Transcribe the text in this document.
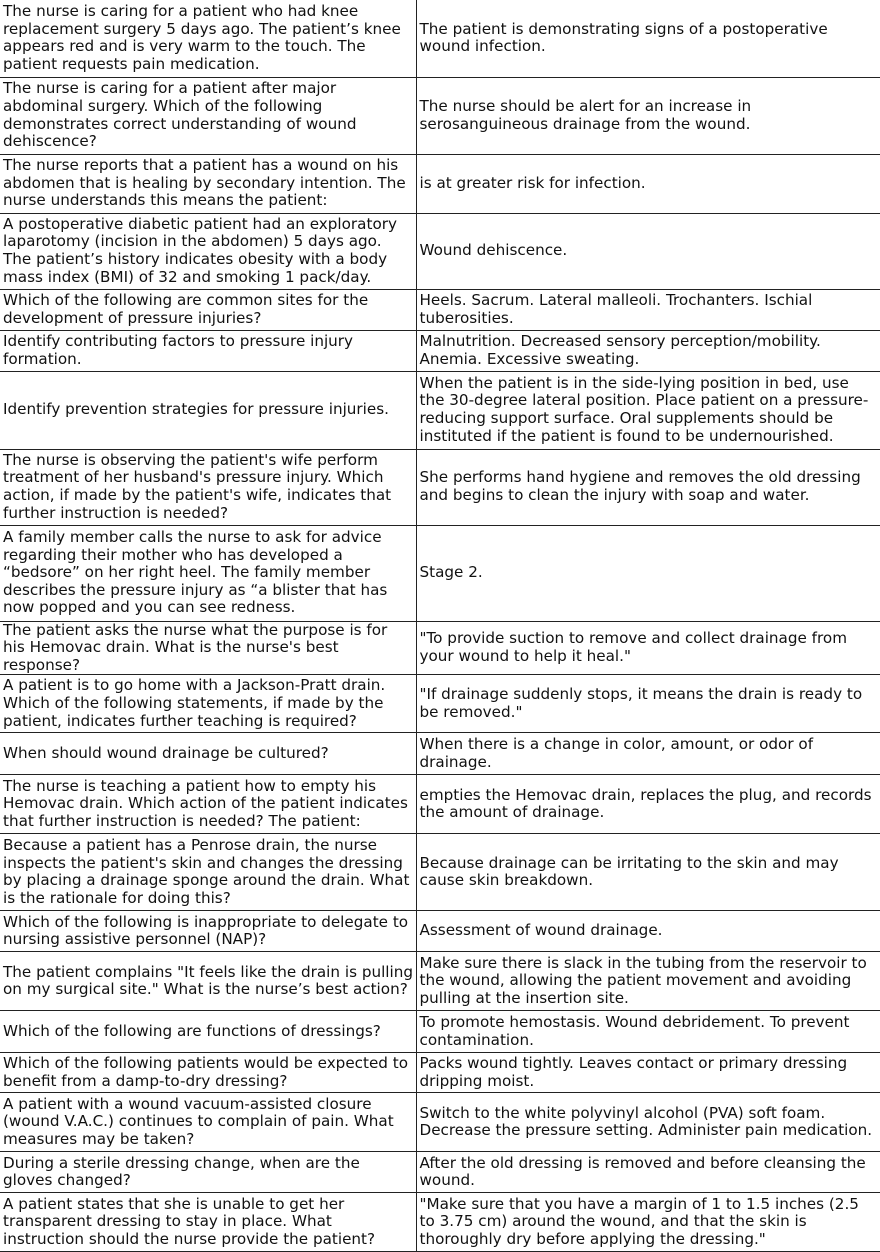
The nurse is caring for a patient who had knee replacement surgery 5 days ago. The patient’s knee appears red and is very warm to the touch. The patient requests pain medication.	The patient is demonstrating signs of a postoperative wound infection.
The nurse is caring for a patient after major abdominal surgery. Which of the following demonstrates correct understanding of wound dehiscence?	The nurse should be alert for an increase in serosanguineous drainage from the wound.
The nurse reports that a patient has a wound on his abdomen that is healing by secondary intention. The nurse understands this means the patient:	is at greater risk for infection.
A postoperative diabetic patient had an exploratory laparotomy (incision in the abdomen) 5 days ago. The patient’s history indicates obesity with a body mass index (BMI) of 32 and smoking 1 pack/day.	Wound dehiscence.
Which of the following are common sites for the development of pressure injuries?	Heels. Sacrum. Lateral malleoli. Trochanters. Ischial tuberosities.
Identify contributing factors to pressure injury formation.	Malnutrition. Decreased sensory perception/mobility. Anemia. Excessive sweating.
Identify prevention strategies for pressure injuries.	When the patient is in the side-lying position in bed, use the 30-degree lateral position. Place patient on a pressure-reducing support surface. Oral supplements should be instituted if the patient is found to be undernourished.
The nurse is observing the patient's wife perform treatment of her husband's pressure injury. Which action, if made by the patient's wife, indicates that further instruction is needed?	She performs hand hygiene and removes the old dressing and begins to clean the injury with soap and water.
A family member calls the nurse to ask for advice regarding their mother who has developed a “bedsore” on her right heel. The family member describes the pressure injury as “a blister that has now popped and you can see redness.	Stage 2.
The patient asks the nurse what the purpose is for his Hemovac drain. What is the nurse's best response?	"To provide suction to remove and collect drainage from your wound to help it heal."
A patient is to go home with a Jackson-Pratt drain. Which of the following statements, if made by the patient, indicates further teaching is required?	"If drainage suddenly stops, it means the drain is ready to be removed."
When should wound drainage be cultured?	When there is a change in color, amount, or odor of drainage.
The nurse is teaching a patient how to empty his Hemovac drain. Which action of the patient indicates that further instruction is needed? The patient:	empties the Hemovac drain, replaces the plug, and records the amount of drainage.
Because a patient has a Penrose drain, the nurse inspects the patient's skin and changes the dressing by placing a drainage sponge around the drain. What is the rationale for doing this?	Because drainage can be irritating to the skin and may cause skin breakdown.
Which of the following is inappropriate to delegate to nursing assistive personnel (NAP)?	Assessment of wound drainage.
The patient complains "It feels like the drain is pulling on my surgical site." What is the nurse’s best action?	Make sure there is slack in the tubing from the reservoir to the wound, allowing the patient movement and avoiding pulling at the insertion site.
Which of the following are functions of dressings?	To promote hemostasis. Wound debridement. To prevent contamination.
Which of the following patients would be expected to benefit from a damp-to-dry dressing?	Packs wound tightly. Leaves contact or primary dressing dripping moist.
A patient with a wound vacuum-assisted closure (wound V.A.C.) continues to complain of pain. What measures may be taken?	Switch to the white polyvinyl alcohol (PVA) soft foam. Decrease the pressure setting. Administer pain medication.
During a sterile dressing change, when are the gloves changed?	After the old dressing is removed and before cleansing the wound.
A patient states that she is unable to get her transparent dressing to stay in place. What instruction should the nurse provide the patient?	"Make sure that you have a margin of 1 to 1.5 inches (2.5 to 3.75 cm) around the wound, and that the skin is thoroughly dry before applying the dressing."
